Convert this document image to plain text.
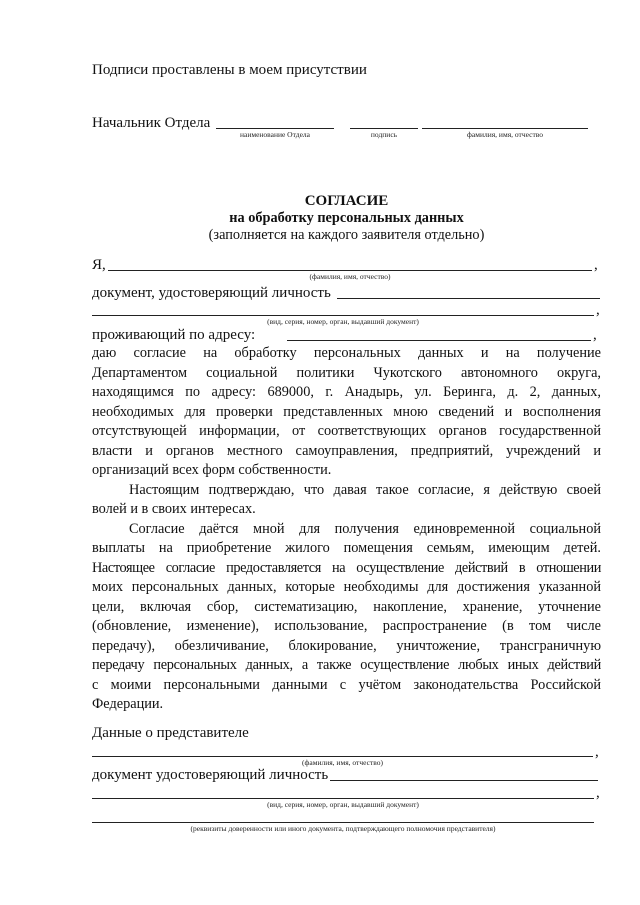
Подписи проставлены в моем присутствии
Начальник Отдела
наименование Отдела	подпись	фамилия, имя, отчество
СОГЛАСИЕ
на обработку персональных данных
(заполняется на каждого заявителя отдельно)
Я,	,
(фамилия, имя, отчество)
документ, удостоверяющий личность
,
(вид, серия, номер, орган, выдавший документ)
проживающий по адресу:	,
даю согласие на обработку персональных данных и на получение
Департаментом социальной политики Чукотского автономного округа,
находящимся по адресу: 689000, г. Анадырь, ул. Беринга, д. 2, данных,
необходимых для проверки представленных мною сведений и восполнения
отсутствующей информации, от соответствующих органов государственной
власти и органов местного самоуправления, предприятий, учреждений и
организаций всех форм собственности.
Настоящим подтверждаю, что давая такое согласие, я действую своей
волей и в своих интересах.
Согласие даётся мной для получения единовременной социальной
выплаты на приобретение жилого помещения семьям, имеющим детей.
Настоящее согласие предоставляется на осуществление действий в отношении
моих персональных данных, которые необходимы для достижения указанной
цели, включая сбор, систематизацию, накопление, хранение, уточнение
(обновление, изменение), использование, распространение (в том числе
передачу), обезличивание, блокирование, уничтожение, трансграничную
передачу персональных данных, а также осуществление любых иных действий
с моими персональными данными с учётом законодательства Российской
Федерации.
Данные о представителе
,
(фамилия, имя, отчество)
документ удостоверяющий личность
,
(вид, серия, номер, орган, выдавший документ)
(реквизиты доверенности или иного документа, подтверждающего полномочия представителя)
